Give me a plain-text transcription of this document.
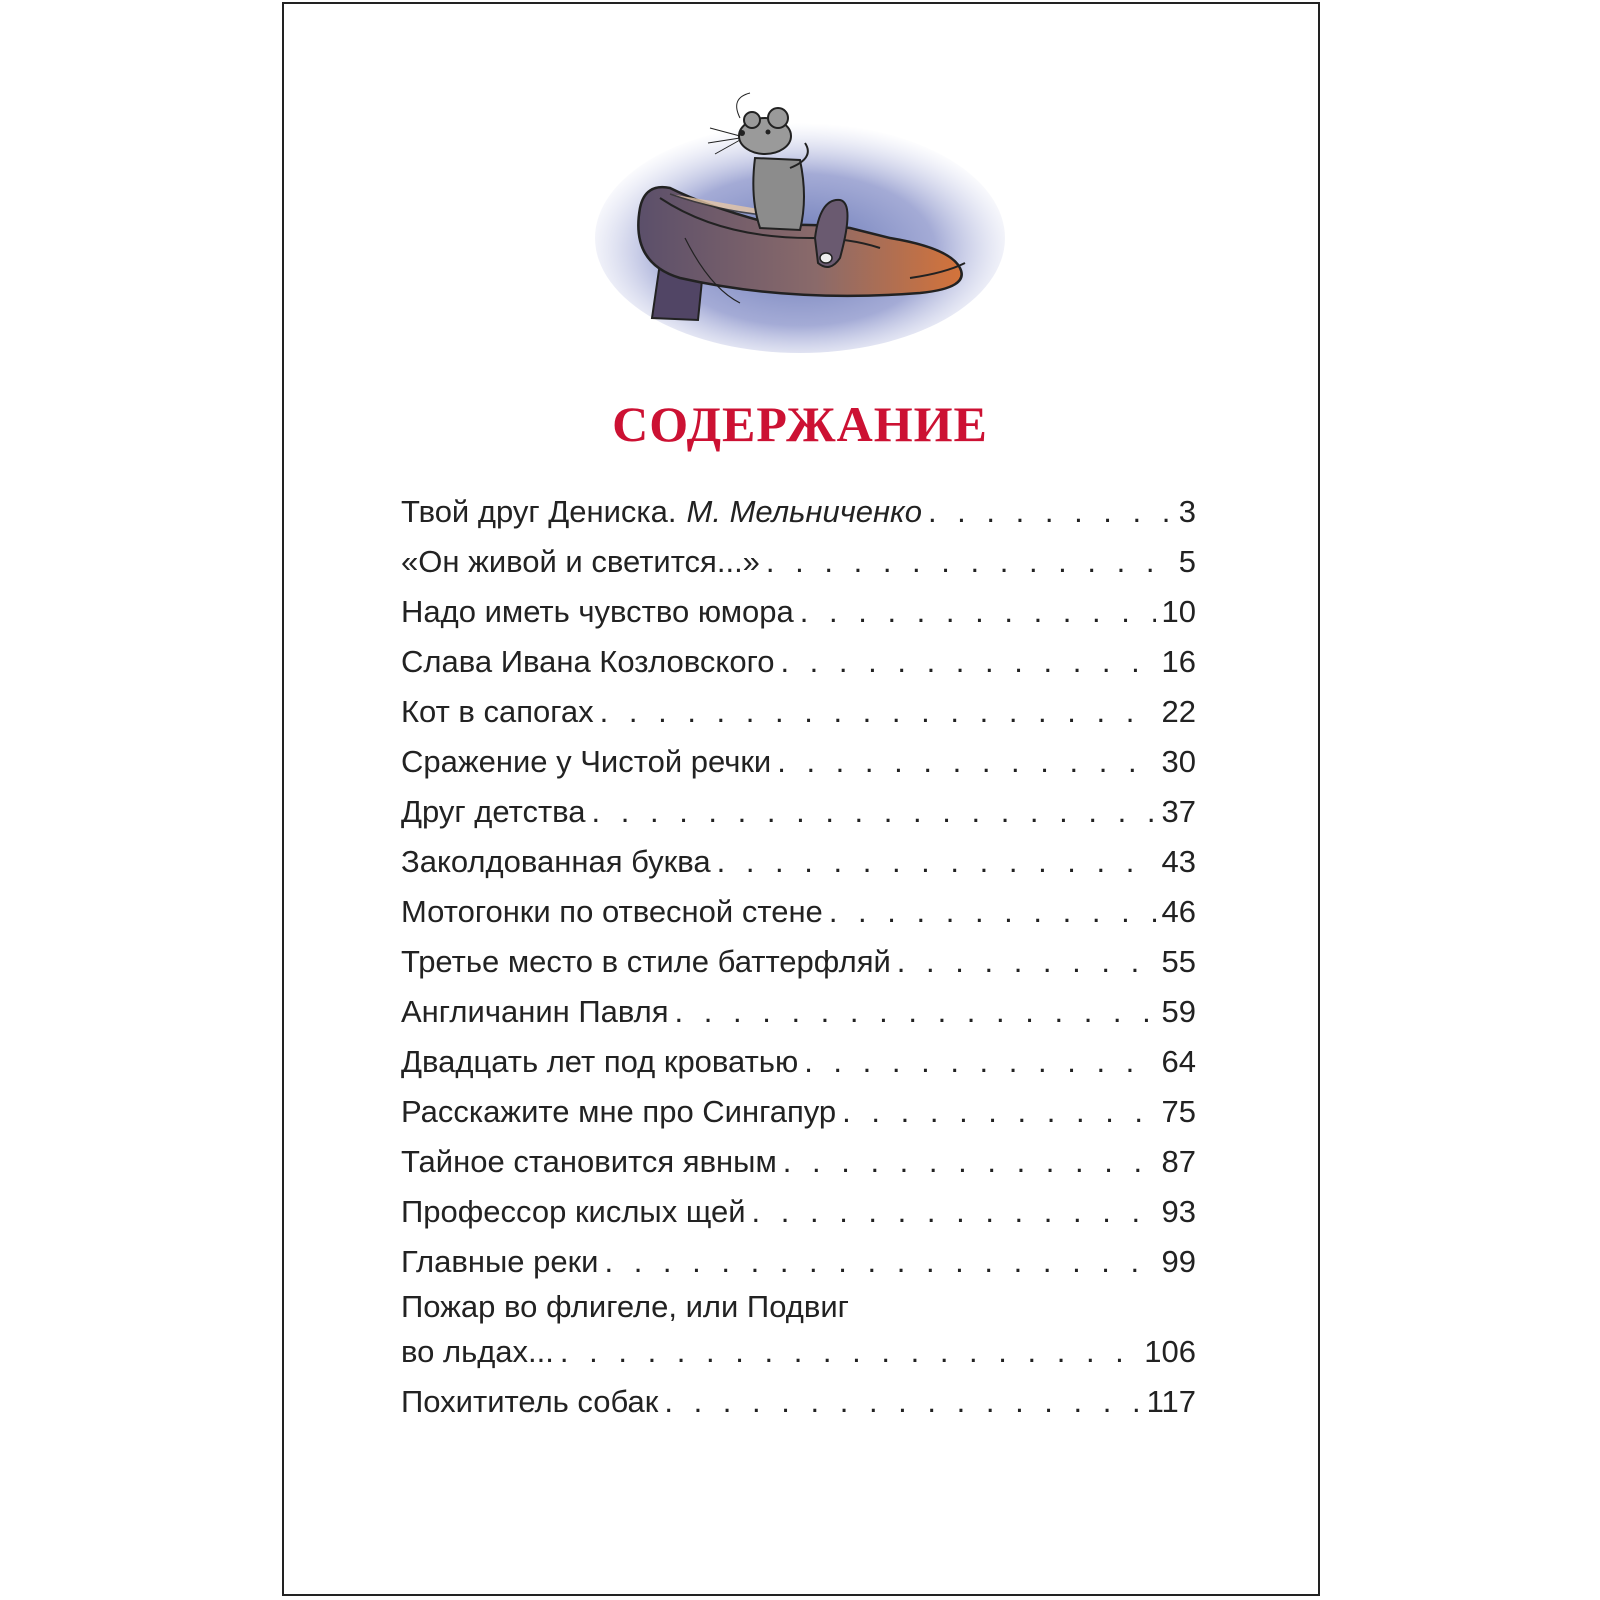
СОДЕРЖАНИЕ
Твой друг Дениска. М. Мельниченко . . .	3
«Он живой и светится...» . . .	5
Надо иметь чувство юмора . . .	10
Слава Ивана Козловского . . .	16
Кот в сапогах . . .	22
Сражение у Чистой речки . . .	30
Друг детства . . .	37
Заколдованная буква . . .	43
Мотогонки по отвесной стене . . .	46
Третье место в стиле баттерфляй . . .	55
Англичанин Павля . . .	59
Двадцать лет под кроватью . . .	64
Расскажите мне про Сингапур . . .	75
Тайное становится явным . . .	87
Профессор кислых щей . . .	93
Главные реки . . .	99
Пожар во флигеле, или Подвиг
во льдах... . . .	106
Похититель собак . . .	117
